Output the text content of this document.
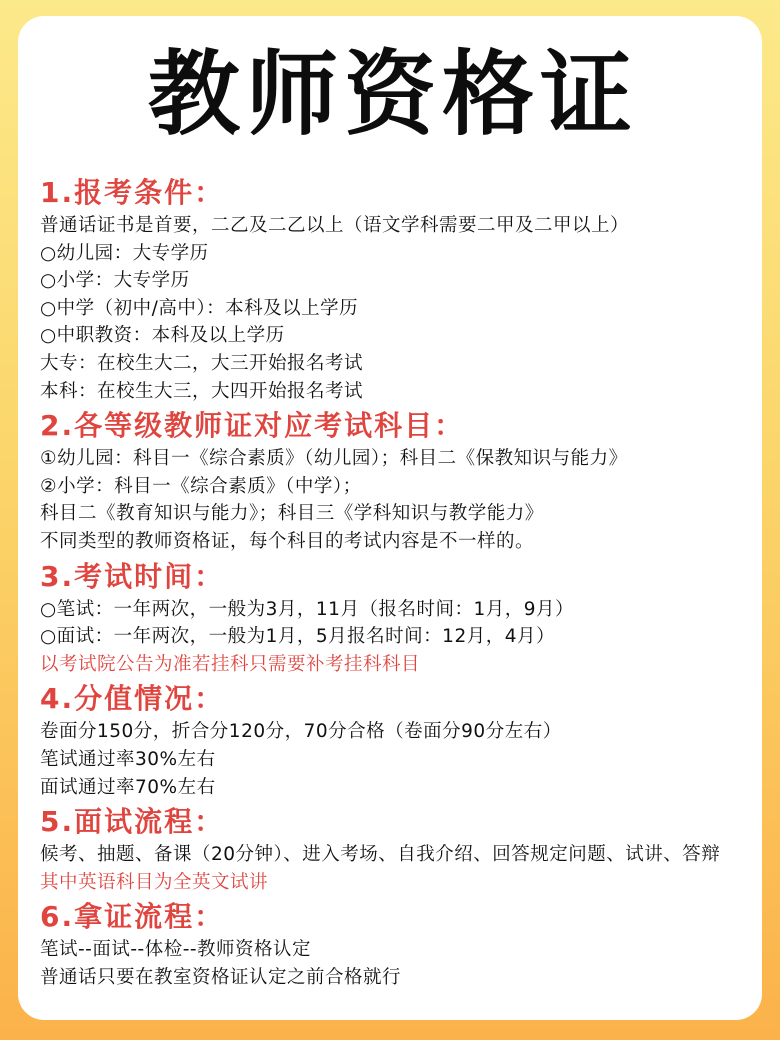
教师资格证
1.报考条件：
普通话证书是首要，二乙及二乙以上（语文学科需要二甲及二甲以上）
○幼儿园：大专学历
○小学：大专学历
○中学（初中/高中）：本科及以上学历
○中职教资：本科及以上学历
大专：在校生大二，大三开始报名考试
本科：在校生大三，大四开始报名考试
2.各等级教师证对应考试科目：
①幼儿园：科目一《综合素质》（幼儿园）；科目二《保教知识与能力》
②小学：科目一《综合素质》（中学）；
科目二《教育知识与能力》；科目三《学科知识与教学能力》
不同类型的教师资格证，每个科目的考试内容是不一样的。
3.考试时间：
○笔试：一年两次，一般为3月，11月（报名时间：1月，9月）
○面试：一年两次，一般为1月，5月报名时间：12月，4月）
以考试院公告为准若挂科只需要补考挂科科目
4.分值情况：
卷面分150分，折合分120分，70分合格（卷面分90分左右）
笔试通过率30%左右
面试通过率70%左右
5.面试流程：
候考、抽题、备课（20分钟）、进入考场、自我介绍、回答规定问题、试讲、答辩
其中英语科目为全英文试讲
6.拿证流程：
笔试--面试--体检--教师资格认定
普通话只要在教室资格证认定之前合格就行
